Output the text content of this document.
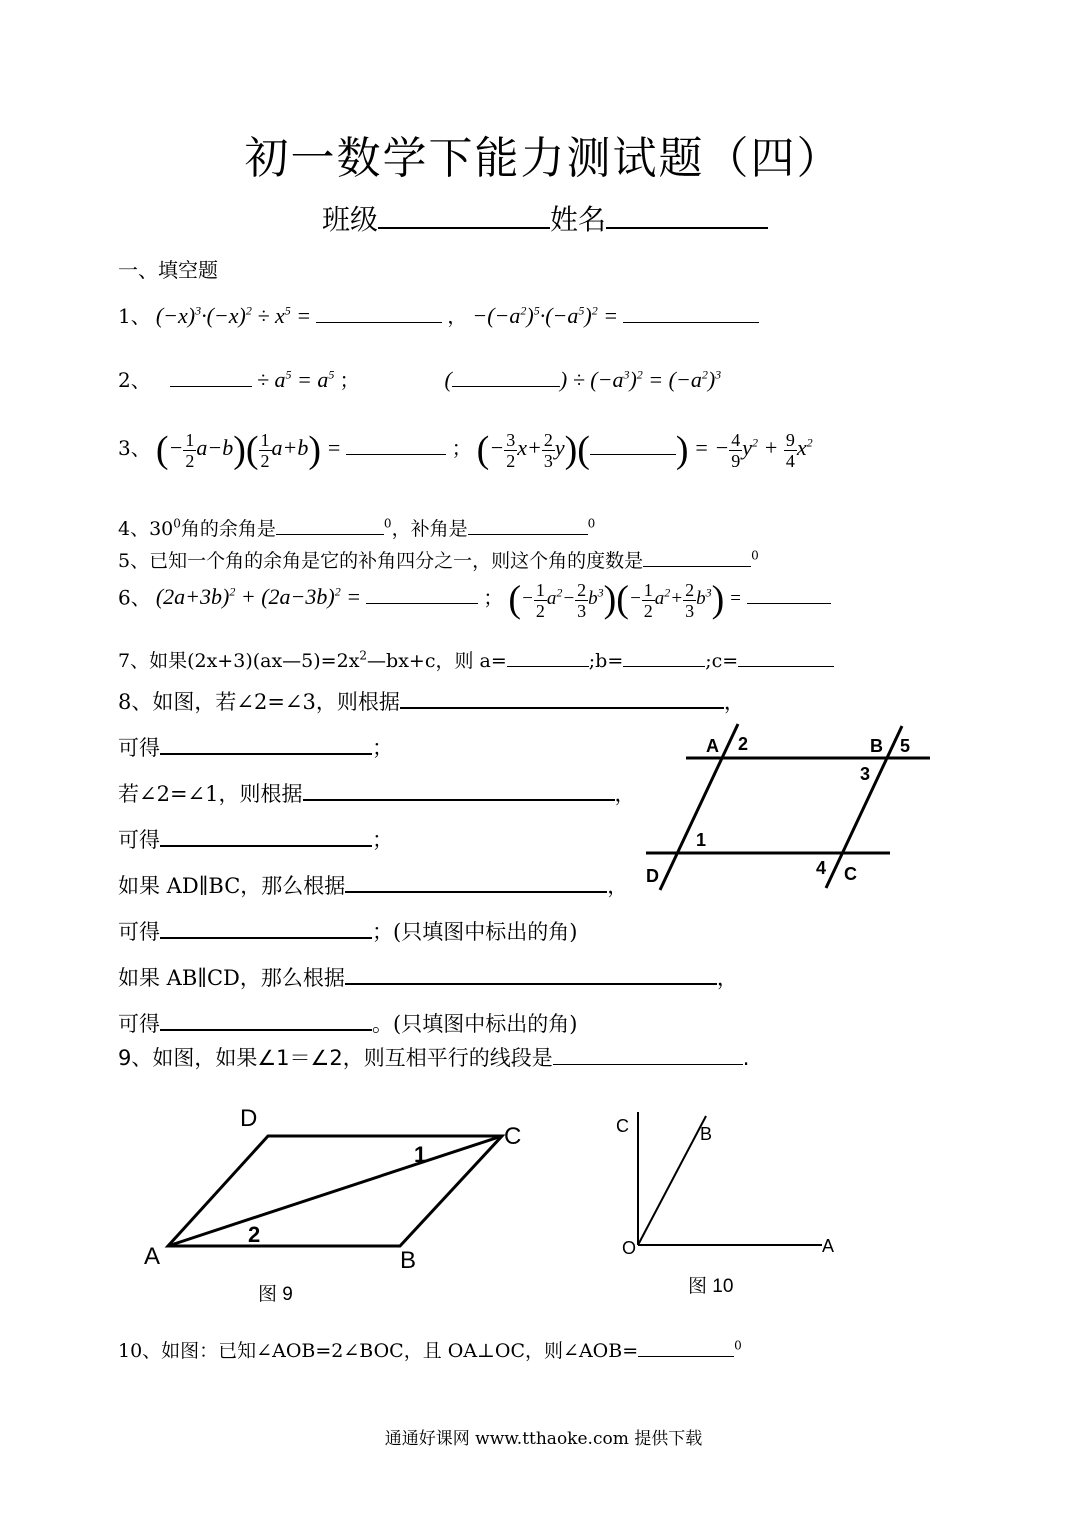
初一数学下能力测试题（四）
班级	姓名
一、填空题
1、 $(-x)^3\cdot(-x)^2 \div x^5$ =	， $-(-a^2)^5\cdot(-a^5)^2$ =
2、	÷ $a^5 = a^5$ ；	(	) ÷ $(-a^3)^2 = (-a^2)^3$
3、 (− $\frac{1}{2} a-b)( \frac{1}{2} a+b)$ =	； (− $\frac{3}{2} x+ \frac{2}{3} y$)( ) = − $\frac{4}{9} y^2 + \frac{9}{4} x^2$
4、$30^0$角的余角是	$^0$，补角是	$^0$
5、已知一个角的余角是它的补角四分之一，则这个角的度数是	$^0$
6、 $(2a+3b)^2 + (2a-3b)^2$ =	； (− $\frac{1}{2} a^2- \frac{2}{3} b^3)(- \frac{1}{2} a^2+ \frac{2}{3} b^3)$ =
7、如果$(2x+3)(ax—5)=2x^2—bx+c$，则 a=	;b=	;c=
8、如图，若∠2=∠3，则根据	，
可得	；
若∠2=∠1，则根据	，
可得	；
如果 AD∥BC，那么根据	，
可得	；(只填图中标出的角)
如果 AB∥CD，那么根据	，
可得	。(只填图中标出的角)
A 2	B 5
3
1
D	4 C
9、如图，如果∠1＝∠2，则互相平行的线段是	.
A	B
C
D
1
2
图 9
C	B
O	A
图 10
10、如图：已知∠AOB=2∠BOC，且 OA⊥OC，则∠AOB=	$^0$
通通好课网 www.tthaoke.com 提供下载
